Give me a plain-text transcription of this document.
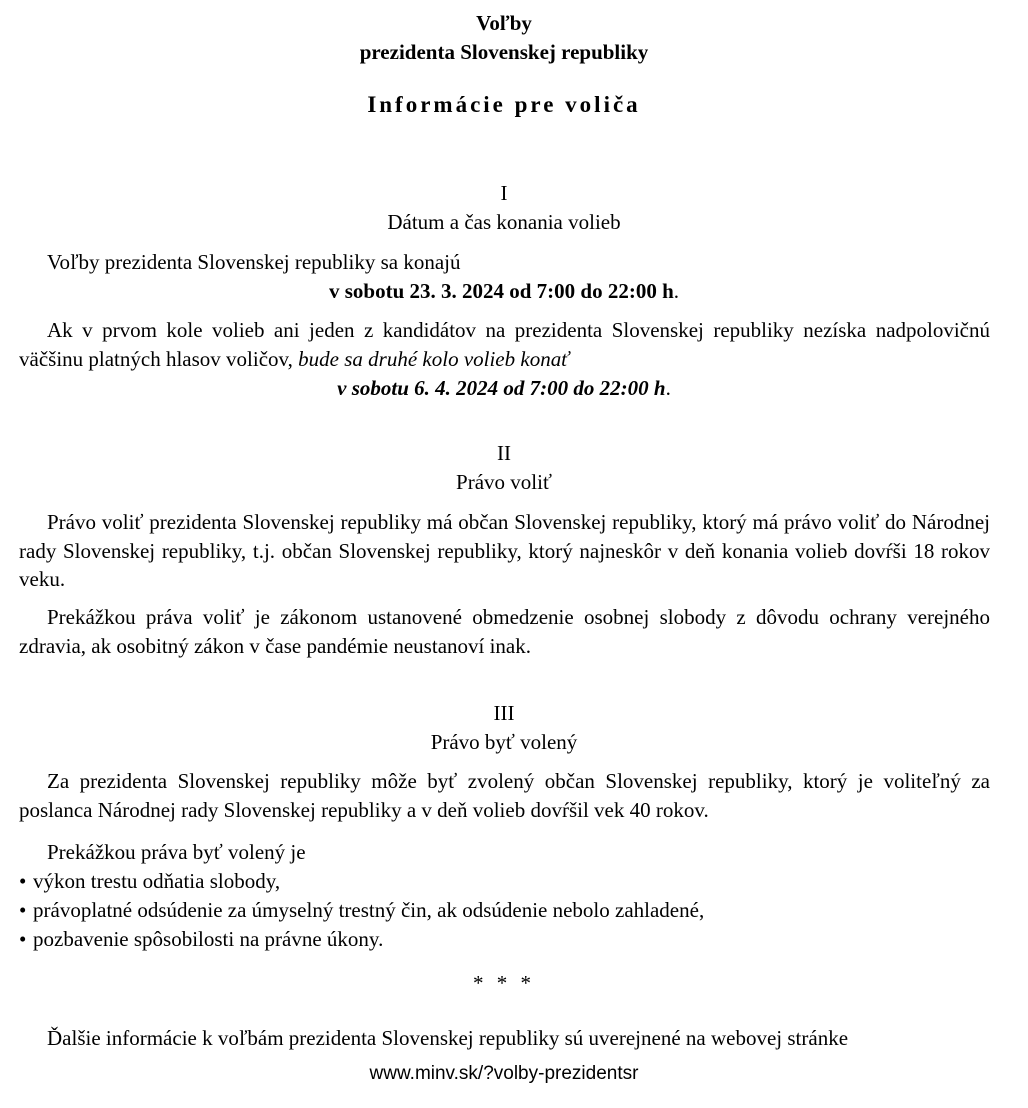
Voľby
prezidenta Slovenskej republiky
Informácie pre voliča
I
Dátum a čas konania volieb
Voľby prezidenta Slovenskej republiky sa konajú
v sobotu 23. 3. 2024 od 7:00 do 22:00 h.

Ak v prvom kole volieb ani jeden z kandidátov na prezidenta Slovenskej republiky nezíska nadpolovičnú väčšinu platných hlasov voličov, bude sa druhé kolo volieb konať

v sobotu 6. 4. 2024 od 7:00 do 22:00 h.
II
Právo voliť

Právo voliť prezidenta Slovenskej republiky má občan Slovenskej republiky, ktorý má právo voliť do Národnej rady Slovenskej republiky, t.j. občan Slovenskej republiky, ktorý najneskôr v deň konania volieb dovŕši 18 rokov veku.

Prekážkou práva voliť je zákonom ustanovené obmedzenie osobnej slobody z dôvodu ochrany verejného zdravia, ak osobitný zákon v čase pandémie neustanoví inak.

III
Právo byť volený

Za prezidenta Slovenskej republiky môže byť zvolený občan Slovenskej republiky, ktorý je voliteľný za poslanca Národnej rady Slovenskej republiky a v deň volieb dovŕšil vek 40 rokov.

Prekážkou práva byť volený je
• výkon trestu odňatia slobody,
• právoplatné odsúdenie za úmyselný trestný čin, ak odsúdenie nebolo zahladené,
• pozbavenie spôsobilosti na právne úkony.
* * *
Ďalšie informácie k voľbám prezidenta Slovenskej republiky sú uverejnené na webovej stránke
www.minv.sk/?volby-prezidentsr
